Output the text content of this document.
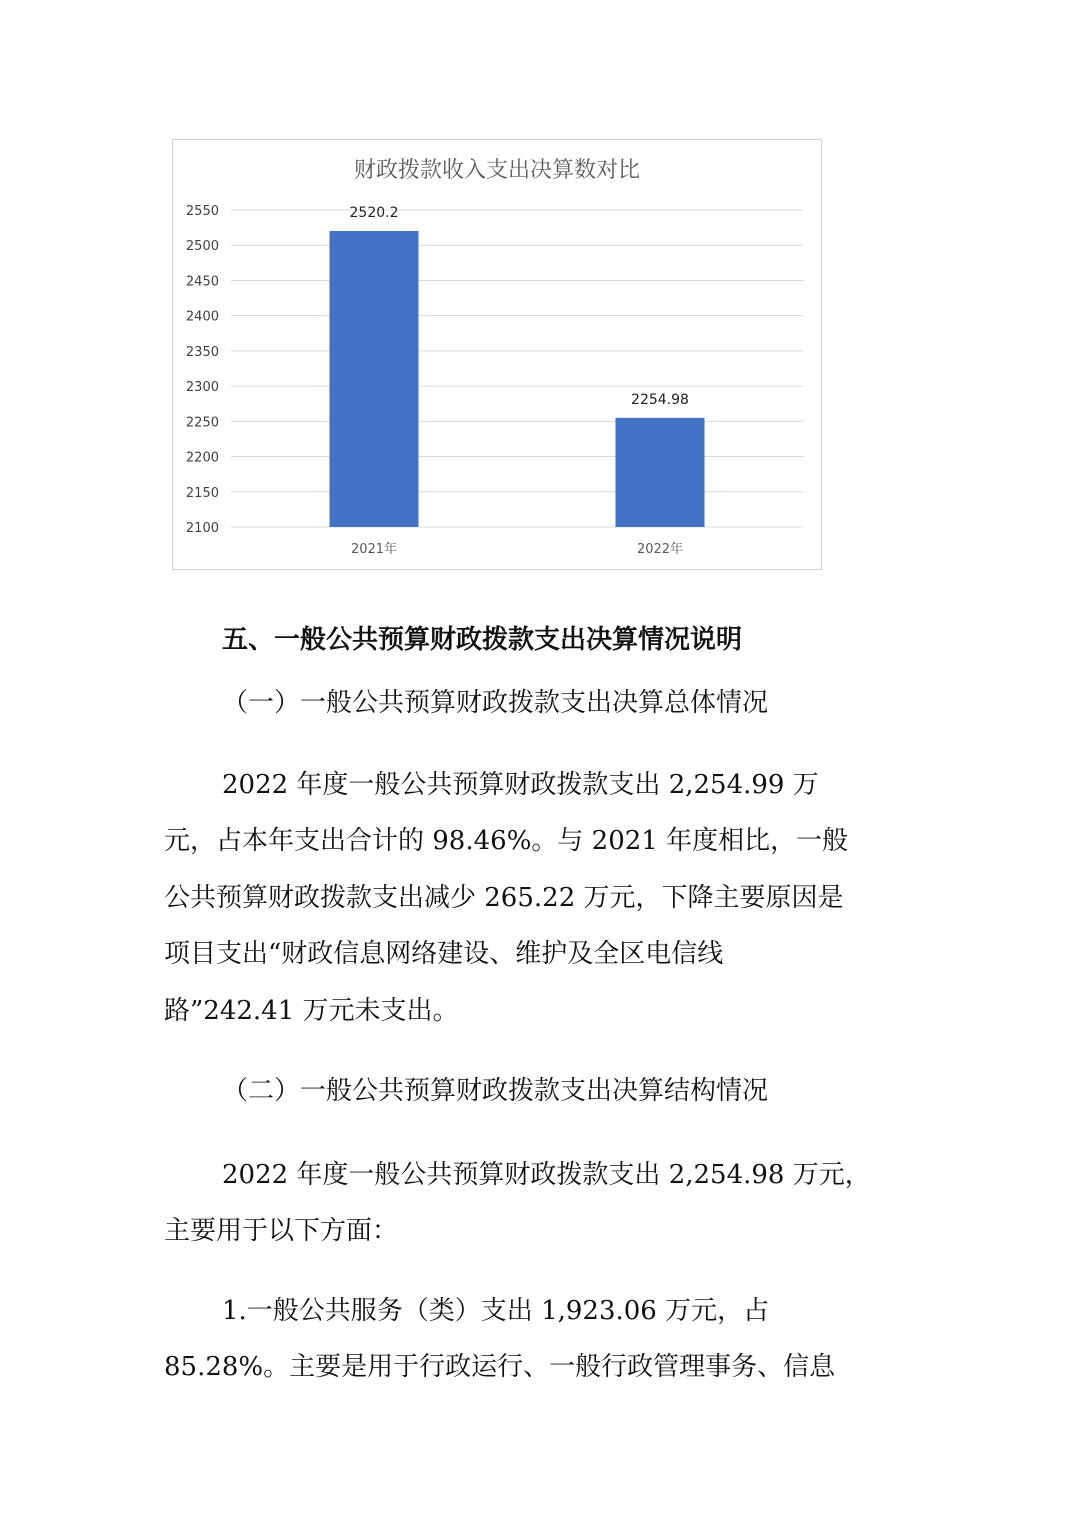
财政拨款收入支出决算数对比
2100
2150
2200
2250
2300
2350
2400
2450
2500
2550	2520.2
2021年
2254.98
2022年
五、一般公共预算财政拨款支出决算情况说明
（一）一般公共预算财政拨款支出决算总体情况
2022 年度一般公共预算财政拨款支出 2,254.99 万
元，占本年支出合计的 98.46%。与 2021 年度相比，一般
公共预算财政拨款支出减少 265.22 万元，下降主要原因是
项目支出“财政信息网络建设、维护及全区电信线
路”242.41 万元未支出。
（二）一般公共预算财政拨款支出决算结构情况
2022 年度一般公共预算财政拨款支出 2,254.98 万元，
主要用于以下方面：
1.一般公共服务（类）支出 1,923.06 万元，占
85.28%。主要是用于行政运行、一般行政管理事务、信息
